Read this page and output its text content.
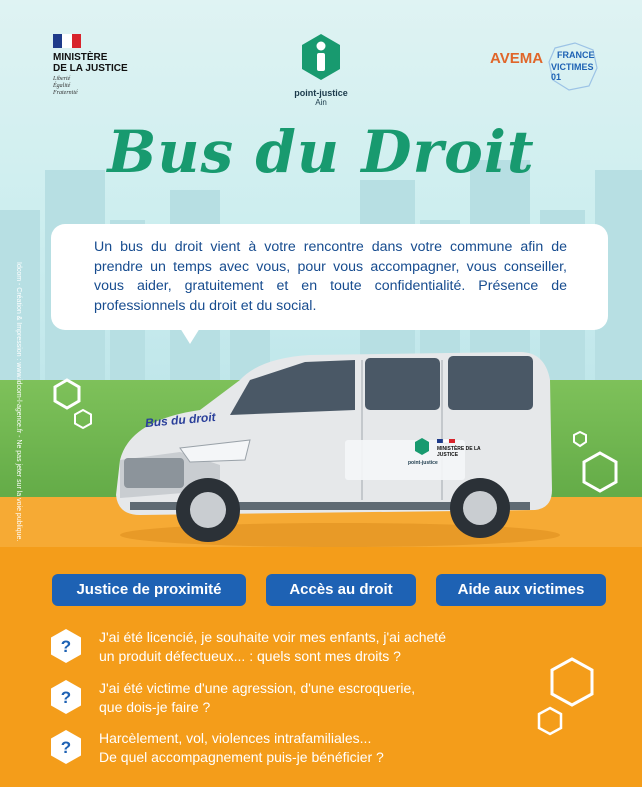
MINISTÈRE
DE LA JUSTICE
Liberté
Égalité
Fraternité	point-justice
Ain
AVEMA FRANCE
VICTIMES 01
Bus du Droit
Un bus du droit vient à votre rencontre dans votre commune afin de prendre un temps avec vous, pour vous accompagner, vous conseiller, vous aider, gratuitement et en toute confidentialité. Présence de professionnels du droit et du social.
Idcom - Création & Impression : www.idcom-l-agence.fr - Ne pas jeter sur la voie publique.	Bus du droit
point-justice
MINISTÈRE DE LA JUSTICE
Justice de proximité	Accès au droit	Aide aux victimes
? J'ai été licencié, je souhaite voir mes enfants, j'ai acheté
un produit défectueux... : quels sont mes droits ?
? J'ai été victime d'une agression, d'une escroquerie,
que dois-je faire ?
? Harcèlement, vol, violences intrafamiliales...
De quel accompagnement puis-je bénéficier ?
